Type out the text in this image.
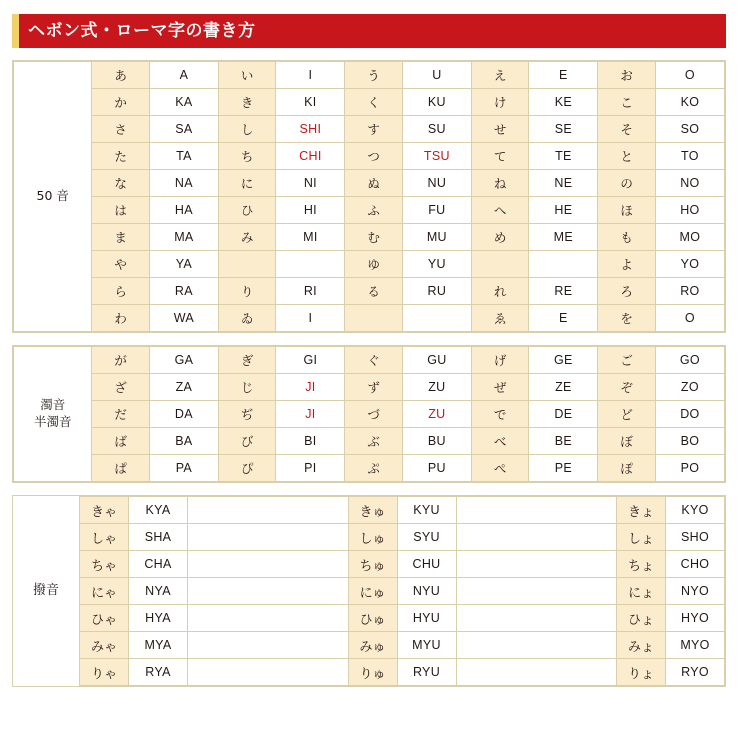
ヘボン式・ローマ字の書き方
50 音	あ	A	い	I	う	U	え	E	お	O
	か	KA	き	KI	く	KU	け	KE	こ	KO
	さ	SA	し	SHI	す	SU	せ	SE	そ	SO
	た	TA	ち	CHI	つ	TSU	て	TE	と	TO
	な	NA	に	NI	ぬ	NU	ね	NE	の	NO
	は	HA	ひ	HI	ふ	FU	へ	HE	ほ	HO
	ま	MA	み	MI	む	MU	め	ME	も	MO
	や	YA			ゆ	YU			よ	YO
	ら	RA	り	RI	る	RU	れ	RE	ろ	RO
	わ	WA	ゐ	I			ゑ	E	を	O
濁音
半濁音	が	GA	ぎ	GI	ぐ	GU	げ	GE	ご	GO
	ざ	ZA	じ	JI	ず	ZU	ぜ	ZE	ぞ	ZO
	だ	DA	ぢ	JI	づ	ZU	で	DE	ど	DO
	ば	BA	び	BI	ぶ	BU	べ	BE	ぼ	BO
	ぱ	PA	ぴ	PI	ぷ	PU	ぺ	PE	ぽ	PO
撥音	きゃ	KYA		きゅ	KYU		きょ	KYO
	しゃ	SHA		しゅ	SYU		しょ	SHO
	ちゃ	CHA		ちゅ	CHU		ちょ	CHO
	にゃ	NYA		にゅ	NYU		にょ	NYO
	ひゃ	HYA		ひゅ	HYU		ひょ	HYO
	みゃ	MYA		みゅ	MYU		みょ	MYO
	りゃ	RYA		りゅ	RYU		りょ	RYO
